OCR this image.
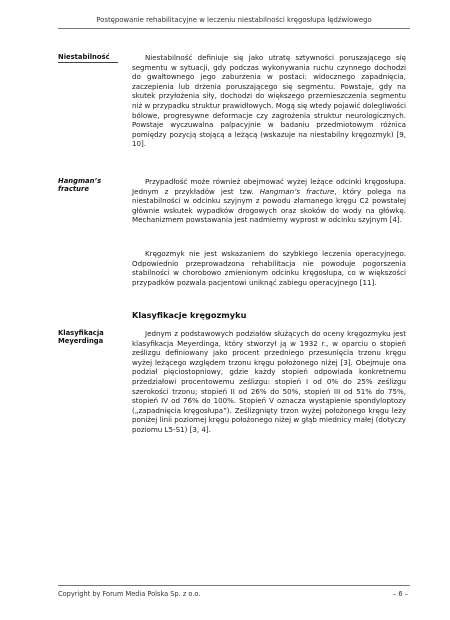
Postępowanie rehabilitacyjne w leczeniu niestabilności kręgosłupa lędźwiowego
Niestabilność	Niestabilność definiuje się jako utratę sztywności poruszającego się segmentu w sytuacji, gdy podczas wykonywania ruchu czynnego dochodzi do gwałtownego jego zaburzenia w postaci: widocznego zapadnięcia, zaczepienia lub drżenia poruszającego się segmentu. Powstaje, gdy na skutek przyłożenia siły, dochodzi do większego przemieszczenia segmentu niż w przypadku struktur prawidłowych. Mogą się wtedy pojawić dolegliwości bólowe, progresywne deformacje czy zagrożenia struktur neurologicznych. Powstaje wyczuwalna palpacyjnie w badaniu przedmiotowym różnica pomiędzy pozycją stojącą a leżącą (wskazuje na niestabilny kręgozmyk) [9, 10].

Hangman’s fracture

Przypadłość może również obejmować wyżej leżące odcinki kręgosłupa. Jednym z przykładów jest tzw. Hangman’s fracture, który polega na niestabilności w odcinku szyjnym z powodu złamanego kręgu C2 powstałej głównie wskutek wypadków drogowych oraz skoków do wody na główkę. Mechanizmem powstawania jest nadmierny wyprost w odcinku szyjnym [4].

Kręgozmyk nie jest wskazaniem do szybkiego leczenia operacyjnego. Odpowiednio przeprowadzona rehabilitacja nie powoduje pogorszenia stabilności w chorobowo zmienionym odcinku kręgosłupa, co w większości przypadków pozwala pacjentowi uniknąć zabiegu operacyjnego [11].

Klasyfikacje kręgozmyku
Klasyfikacja Meyerdinga

Jednym z podstawowych podziałów służących do oceny kręgozmyku jest klasyfikacja Meyerdinga, który stworzył ją w 1932 r., w oparciu o stopień ześlizgu definiowany jako procent przedniego przesunięcia trzonu kręgu wyżej leżącego względem trzonu kręgu położonego niżej [3]. Obejmuje ona podział pięciostopniowy, gdzie każdy stopień odpowiada konkretnemu przedziałowi procentowemu ześlizgu: stopień I od 0% do 25% ześlizgu szerokości trzonu; stopień II od 26% do 50%, stopień III od 51% do 75%, stopień IV od 76% do 100%. Stopień V oznacza wystąpienie spondyloptozy („zapadnięcia kręgosłupa”). Ześlizgnięty trzon wyżej położonego kręgu leży poniżej linii poziomej kręgu położonego niżej w głąb miednicy małej (dotyczy poziomu L5-S1) [3, 4].

Copyright by Forum Media Polska Sp. z o.o.	– 6 –
